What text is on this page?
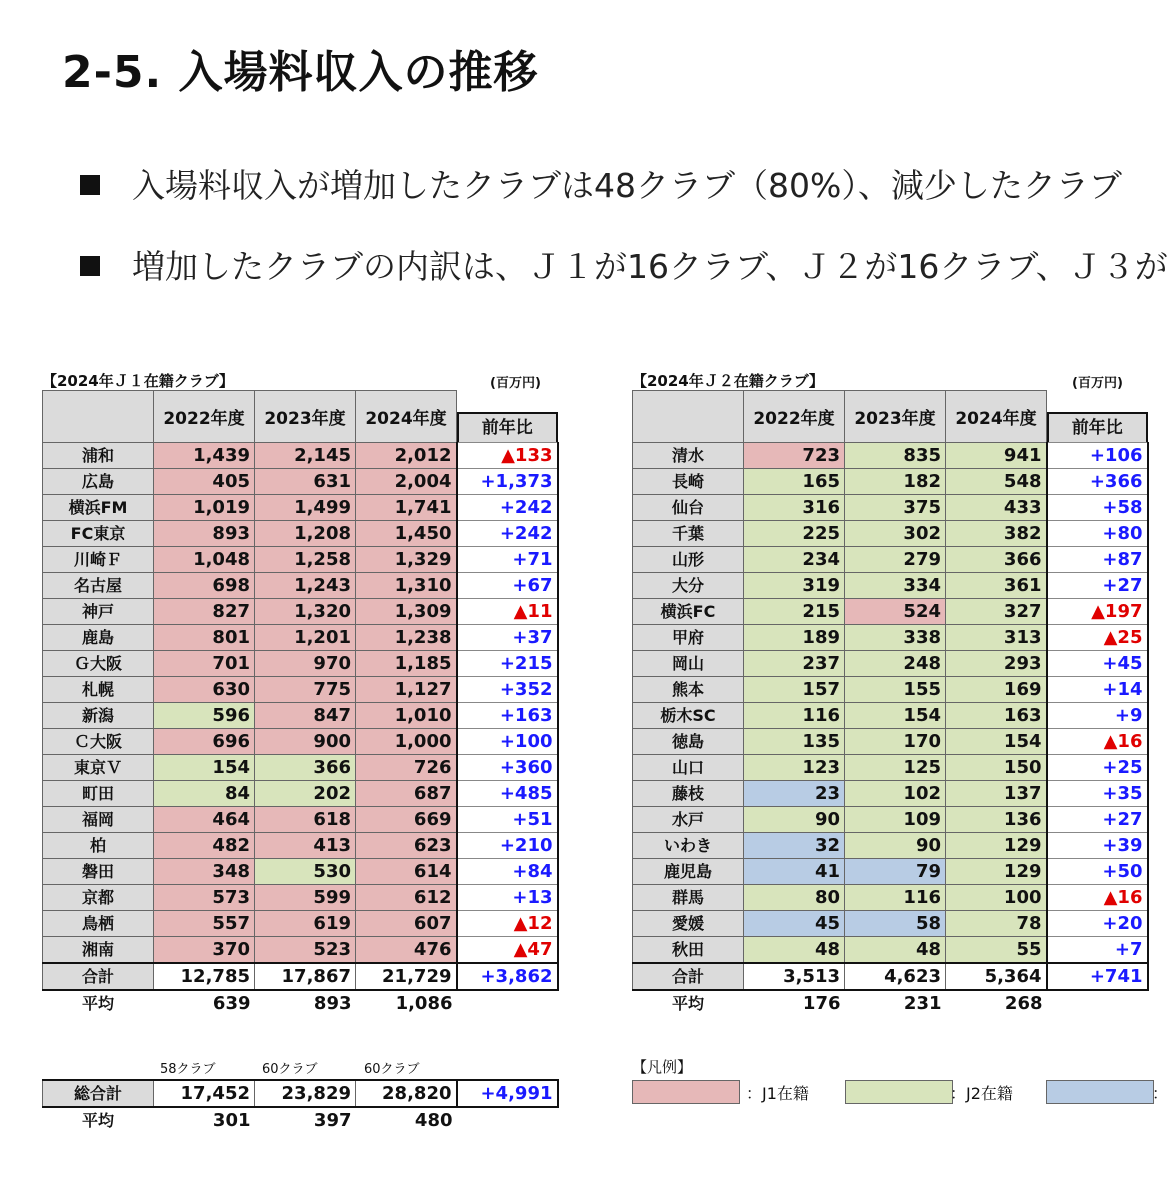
2-5. 入場料収入の推移
入場料収入が増加したクラブは48クラブ（80%）、減少したクラブ
増加したクラブの内訳は、Ｊ１が16クラブ、Ｊ２が16クラブ、Ｊ３が
【2024年Ｊ１在籍クラブ】	(百万円)
	2022年度	2023年度	2024年度	前年比

浦和	1,439	2,145	2,012	▲133
広島	405	631	2,004	+1,373
横浜FM	1,019	1,499	1,741	+242
FC東京	893	1,208	1,450	+242
川崎Ｆ	1,048	1,258	1,329	+71
名古屋	698	1,243	1,310	+67
神戸	827	1,320	1,309	▲11
鹿島	801	1,201	1,238	+37
Ｇ大阪	701	970	1,185	+215
札幌	630	775	1,127	+352
新潟	596	847	1,010	+163
Ｃ大阪	696	900	1,000	+100
東京Ｖ	154	366	726	+360
町田	84	202	687	+485
福岡	464	618	669	+51
柏	482	413	623	+210
磐田	348	530	614	+84
京都	573	599	612	+13
鳥栖	557	619	607	▲12
湘南	370	523	476	▲47
合計	12,785	17,867	21,729	+3,862
平均	639	893	1,086	
【2024年Ｊ２在籍クラブ】	(百万円)
	2022年度	2023年度	2024年度	前年比

清水	723	835	941	+106
長崎	165	182	548	+366
仙台	316	375	433	+58
千葉	225	302	382	+80
山形	234	279	366	+87
大分	319	334	361	+27
横浜FC	215	524	327	▲197
甲府	189	338	313	▲25
岡山	237	248	293	+45
熊本	157	155	169	+14
栃木SC	116	154	163	+9
徳島	135	170	154	▲16
山口	123	125	150	+25
藤枝	23	102	137	+35
水戸	90	109	136	+27
いわき	32	90	129	+39
鹿児島	41	79	129	+50
群馬	80	116	100	▲16
愛媛	45	58	78	+20
秋田	48	48	55	+7
合計	3,513	4,623	5,364	+741
平均	176	231	268	
58クラブ	60クラブ	60クラブ
総合計	17,452	23,829	28,820	+4,991
平均	301	397	480	
【凡例】
：J1在籍	：J2在籍	：
